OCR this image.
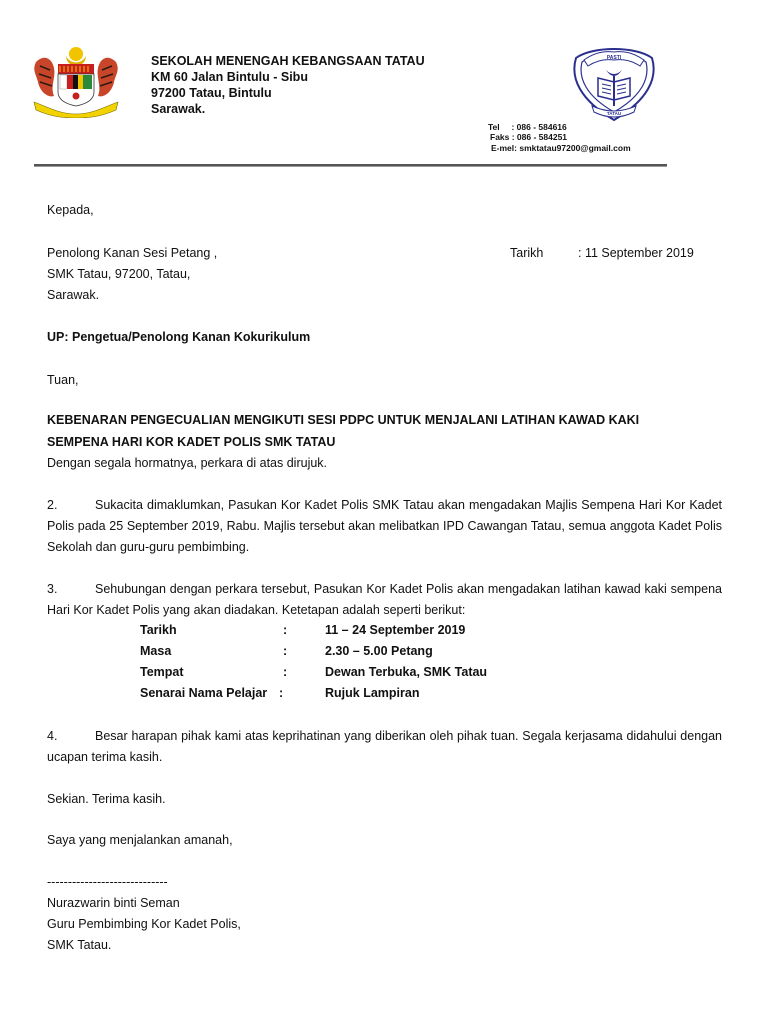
SEKOLAH MENENGAH KEBANGSAAN TATAU
KM 60 Jalan Bintulu - Sibu
97200 Tatau, Bintulu
Sarawak.
PASTI
TATAU
Tel     : 086 - 584616
Faks : 086 - 584251
E-mel: smktatau97200@gmail.com
Kepada,
Penolong Kanan Sesi Petang ,
SMK Tatau, 97200, Tatau,
Sarawak.
Tarikh	: 11 September 2019
UP: Pengetua/Penolong Kanan Kokurikulum
Tuan,
KEBENARAN PENGECUALIAN MENGIKUTI SESI PDPC UNTUK MENJALANI LATIHAN KAWAD KAKI
SEMPENA HARI KOR KADET POLIS SMK TATAU
Dengan segala hormatnya, perkara di atas dirujuk.
2.	Sukacita dimaklumkan, Pasukan Kor Kadet Polis SMK Tatau akan mengadakan Majlis Sempena Hari Kor Kadet Polis pada 25 September 2019, Rabu. Majlis tersebut akan melibatkan IPD Cawangan Tatau, semua anggota Kadet Polis Sekolah dan guru-guru pembimbing.
3.	Sehubungan dengan perkara tersebut, Pasukan Kor Kadet Polis akan mengadakan latihan kawad kaki sempena Hari Kor Kadet Polis yang akan diadakan. Ketetapan adalah seperti berikut:
Tarikh	:	11 – 24 September 2019
Masa	:	2.30 – 5.00 Petang
Tempat	:	Dewan Terbuka, SMK Tatau
Senarai Nama Pelajar :	Rujuk Lampiran
4.	Besar harapan pihak kami atas keprihatinan yang diberikan oleh pihak tuan. Segala kerjasama didahului dengan ucapan terima kasih.
Sekian. Terima kasih.
Saya yang menjalankan amanah,
-----------------------------
Nurazwarin binti Seman
Guru Pembimbing Kor Kadet Polis,
SMK Tatau.
